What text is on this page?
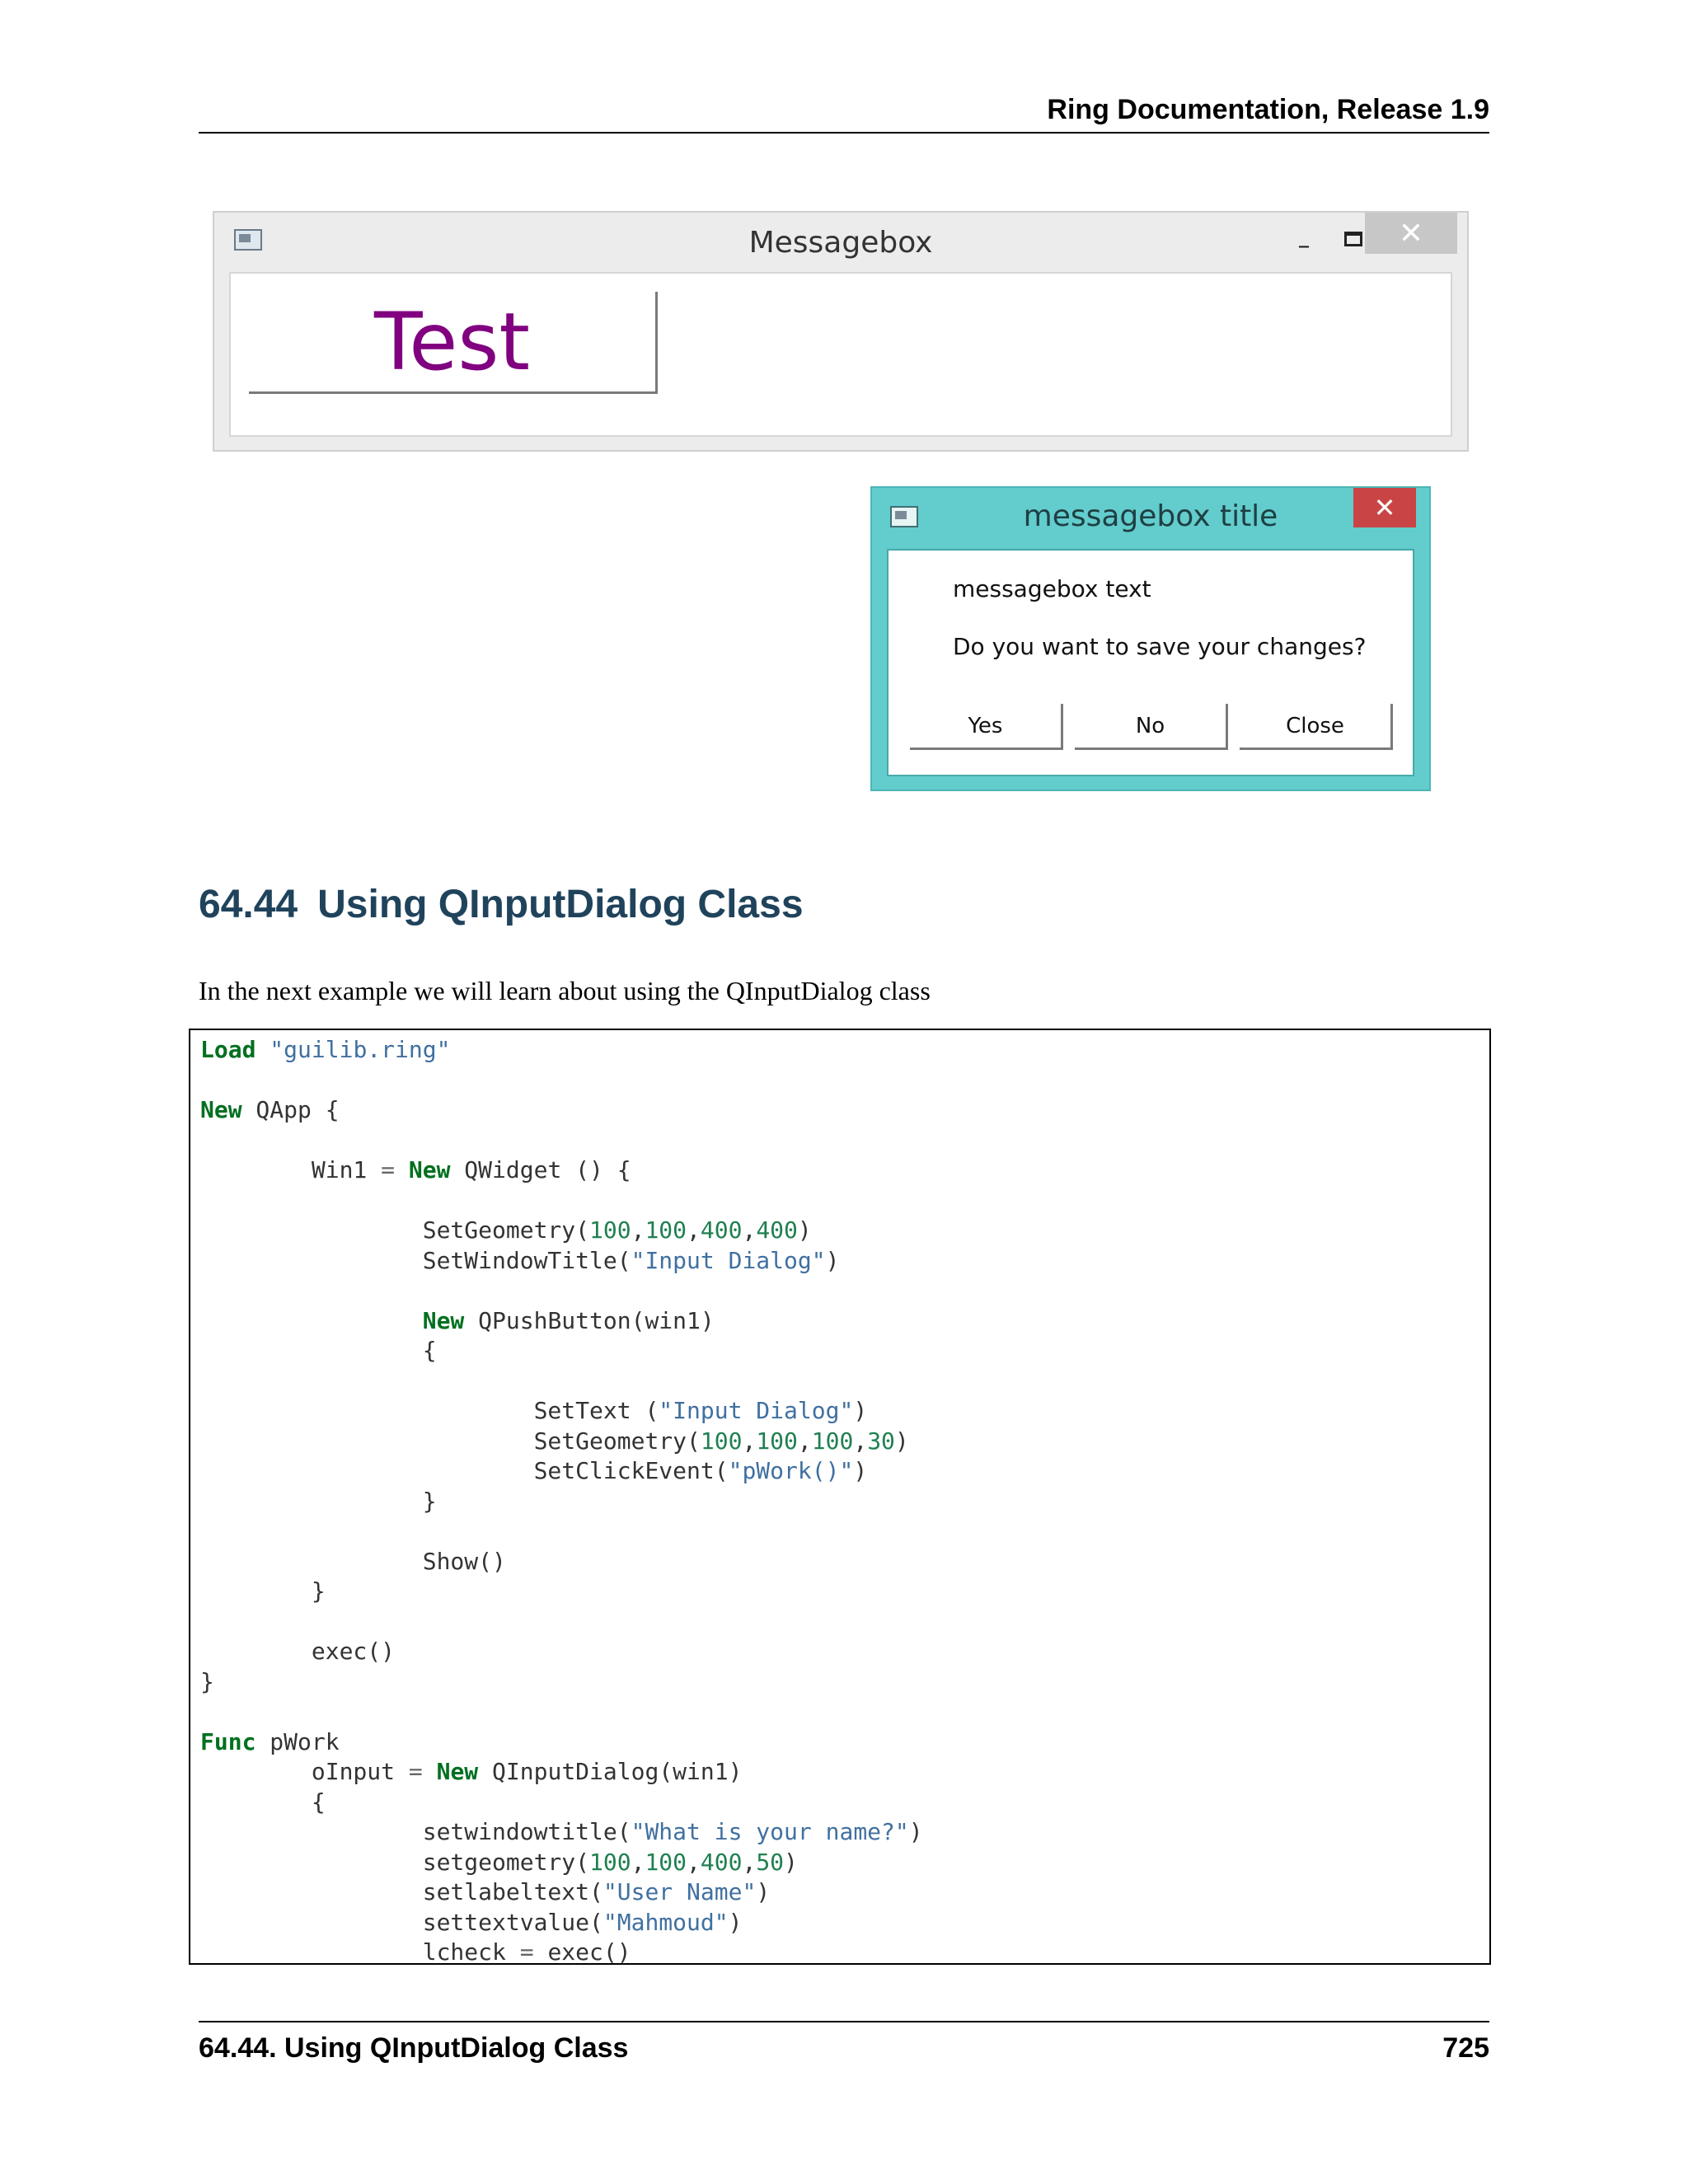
Ring Documentation, Release 1.9
Messagebox	–	✕
Test
messagebox title	✕
messagebox text
Do you want to save your changes?
Yes	No	Close
64.44 Using QInputDialog Class
In the next example we will learn about using the QInputDialog class
Load "guilib.ring"
New QApp {
Win1 = New QWidget () {
SetGeometry(100,100,400,400)
SetWindowTitle("Input Dialog")
New QPushButton(win1)
{
SetText ("Input Dialog")
SetGeometry(100,100,100,30)
SetClickEvent("pWork()")
}
Show()
}
exec()
}
Func pWork
oInput = New QInputDialog(win1)
{
setwindowtitle("What is your name?")
setgeometry(100,100,400,50)
setlabeltext("User Name")
settextvalue("Mahmoud")
lcheck = exec()
64.44. Using QInputDialog Class	725
